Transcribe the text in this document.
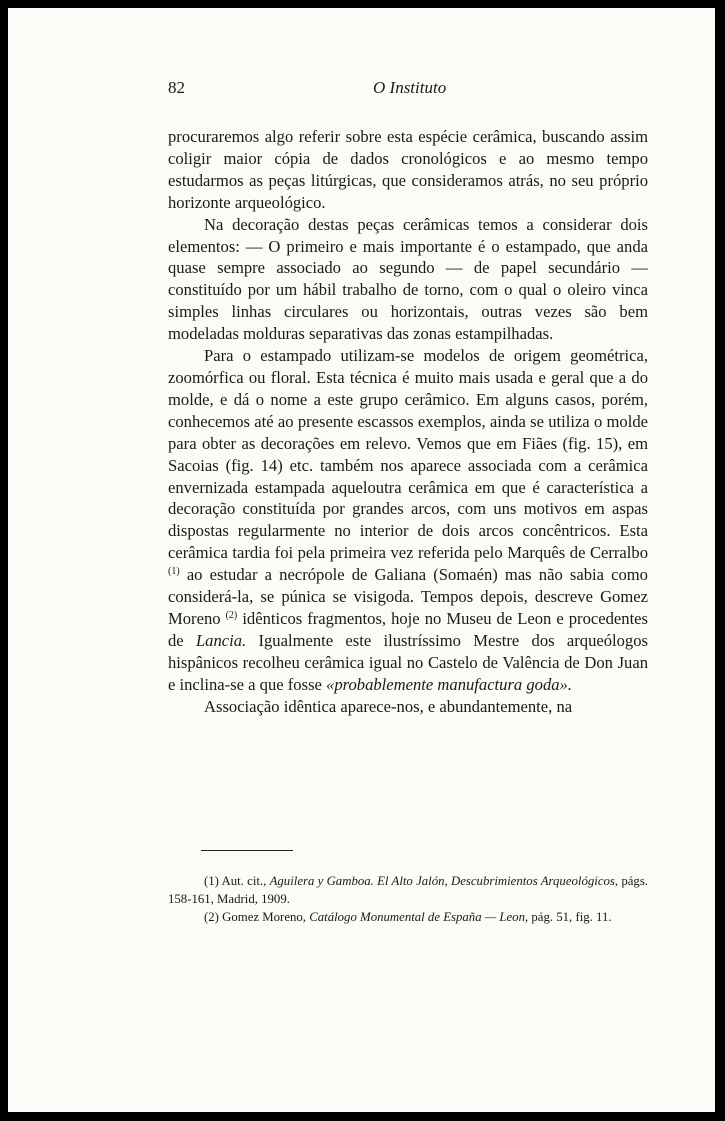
82	O Instituto

procuraremos algo referir sobre esta espécie cerâmica, buscando assim coligir maior cópia de dados cronológicos e ao mesmo tempo estudarmos as peças litúrgicas, que consideramos atrás, no seu próprio horizonte arqueológico.

Na decoração destas peças cerâmicas temos a considerar dois elementos: — O primeiro e mais importante é o estampado, que anda quase sempre associado ao segundo — de papel secundário — constituído por um hábil trabalho de torno, com o qual o oleiro vinca simples linhas circulares ou horizontais, outras vezes são bem modeladas molduras separativas das zonas estampilhadas.

Para o estampado utilizam-se modelos de origem geométrica, zoomórfica ou floral. Esta técnica é muito mais usada e geral que a do molde, e dá o nome a este grupo cerâmico. Em alguns casos, porém, conhecemos até ao presente escassos exemplos, ainda se utiliza o molde para obter as decorações em relevo. Vemos que em Fiães (fig. 15), em Sacoias (fig. 14) etc. também nos aparece associada com a cerâmica envernizada estampada aqueloutra cerâmica em que é característica a decoração constituída por grandes arcos, com uns motivos em aspas dispostas regularmente no interior de dois arcos concêntricos. Esta cerâmica tardia foi pela primeira vez referida pelo Marquês de Cerralbo $^{(1)}$ ao estudar a necrópole de Galiana (Somaén) mas não sabia como considerá-la, se púnica se visigoda. Tempos depois, descreve Gomez Moreno $^{(2)}$ idênticos fragmentos, hoje no Museu de Leon e procedentes de Lancia. Igualmente este ilustríssimo Mestre dos arqueólogos hispânicos recolheu cerâmica igual no Castelo de Valência de Don Juan e inclina-se a que fosse «probablemente manufactura goda».

Associação idêntica aparece-nos, e abundantemente, na

(1) Aut. cit., Aguilera y Gamboa. El Alto Jalón, Descubrimientos Arqueológicos, págs. 158-161, Madrid, 1909.

(2) Gomez Moreno, Catálogo Monumental de España — Leon, pág. 51, fig. 11.
